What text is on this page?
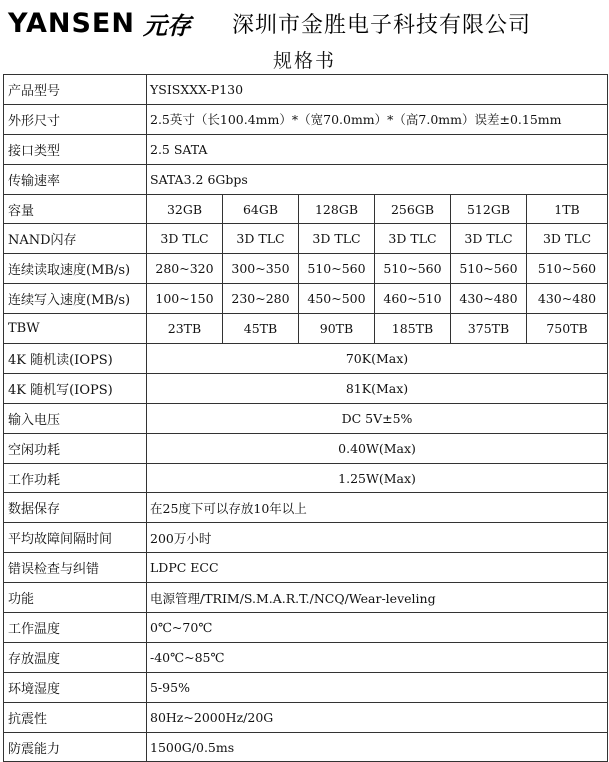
YANSEN 元存 深圳市金胜电子科技有限公司
规格书
产品型号	YSISXXX-P130					
外形尺寸	2.5英寸（长100.4mm）*（宽70.0mm）*（高7.0mm）误差±0.15mm					
接口类型	2.5 SATA					
传输速率	SATA3.2 6Gbps					
容量	32GB	64GB	128GB	256GB	512GB	1TB
NAND闪存	3D TLC	3D TLC	3D TLC	3D TLC	3D TLC	3D TLC
连续读取速度(MB/s)	280~320	300~350	510~560	510~560	510~560	510~560
连续写入速度(MB/s)	100~150	230~280	450~500	460~510	430~480	430~480
TBW	23TB	45TB	90TB	185TB	375TB	750TB
4K 随机读(IOPS)	70K(Max)					
4K 随机写(IOPS)	81K(Max)					
输入电压	DC 5V±5%					
空闲功耗	0.40W(Max)					
工作功耗	1.25W(Max)					
数据保存	在25度下可以存放10年以上					
平均故障间隔时间	200万小时					
错误检查与纠错	LDPC ECC					
功能	电源管理/TRIM/S.M.A.R.T./NCQ/Wear-leveling					
工作温度	0℃~70℃					
存放温度	-40℃~85℃					
环境湿度	5-95%					
抗震性	80Hz~2000Hz/20G					
防震能力	1500G/0.5ms					
